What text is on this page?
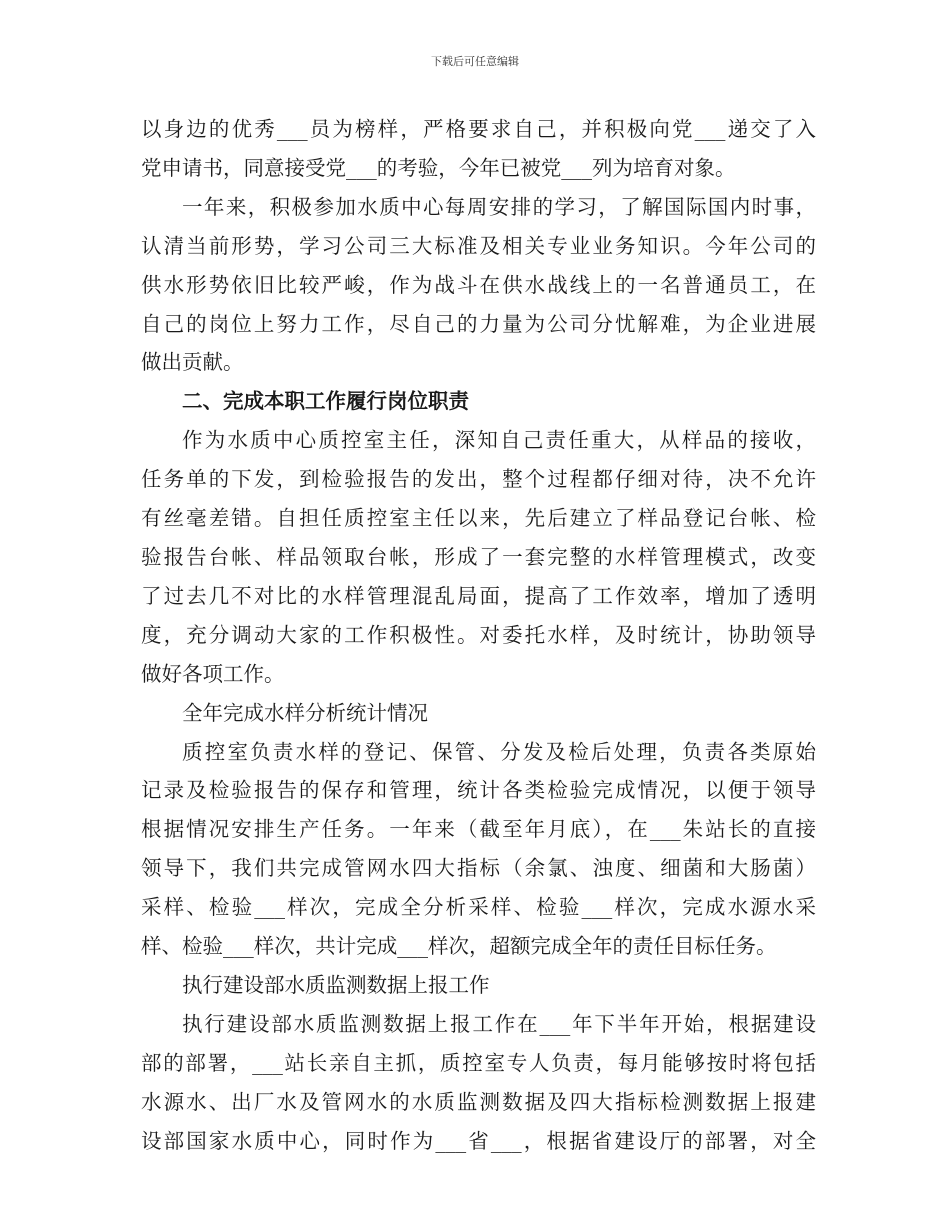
下载后可任意编辑

以身边的优秀___员为榜样，严格要求自己，并积极向党___递交了入

党申请书，同意接受党___的考验，今年已被党___列为培育对象。

一年来，积极参加水质中心每周安排的学习，了解国际国内时事，

认清当前形势，学习公司三大标准及相关专业业务知识。今年公司的

供水形势依旧比较严峻，作为战斗在供水战线上的一名普通员工，在

自己的岗位上努力工作，尽自己的力量为公司分忧解难，为企业进展

做出贡献。

二、完成本职工作履行岗位职责

作为水质中心质控室主任，深知自己责任重大，从样品的接收，

任务单的下发，到检验报告的发出，整个过程都仔细对待，决不允许

有丝毫差错。自担任质控室主任以来，先后建立了样品登记台帐、检

验报告台帐、样品领取台帐，形成了一套完整的水样管理模式，改变

了过去几不对比的水样管理混乱局面，提高了工作效率，增加了透明

度，充分调动大家的工作积极性。对委托水样，及时统计，协助领导

做好各项工作。

全年完成水样分析统计情况

质控室负责水样的登记、保管、分发及检后处理，负责各类原始

记录及检验报告的保存和管理，统计各类检验完成情况，以便于领导

根据情况安排生产任务。一年来（截至年月底），在___朱站长的直接

领导下，我们共完成管网水四大指标（余氯、浊度、细菌和大肠菌）

采样、检验___样次，完成全分析采样、检验___样次，完成水源水采

样、检验___样次，共计完成___样次，超额完成全年的责任目标任务。

执行建设部水质监测数据上报工作

执行建设部水质监测数据上报工作在___年下半年开始，根据建设

部的部署，___站长亲自主抓，质控室专人负责，每月能够按时将包括

水源水、出厂水及管网水的水质监测数据及四大指标检测数据上报建

设部国家水质中心，同时作为___省___，根据省建设厅的部署，对全
